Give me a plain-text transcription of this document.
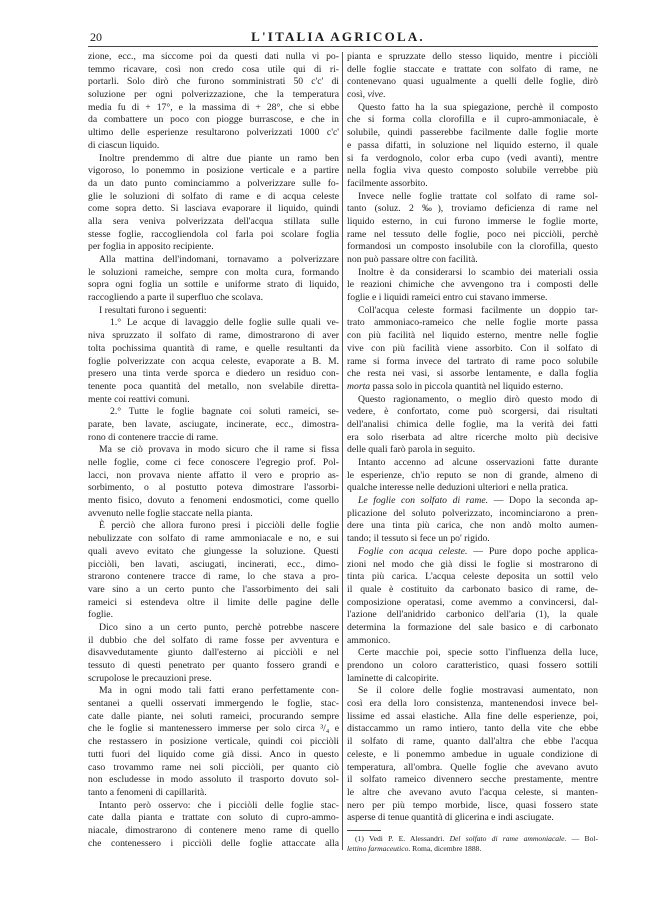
20	L'ITALIA AGRICOLA.
zione, ecc., ma siccome poi da questi dati nulla vi po-
temmo ricavare, così non credo cosa utile qui di ri-
portarli. Solo dirò che furono somministrati 50 c'c' di
soluzione per ogni polverizzazione, che la temperatura
media fu di + 17°, e la massima di + 28°, che si ebbe
da combattere un poco con piogge burrascose, e che in
ultimo delle esperienze resultarono polverizzati 1000 c'c'
di ciascun liquido.
Inoltre prendemmo di altre due piante un ramo ben
vigoroso, lo ponemmo in posizione verticale e a partire
da un dato punto cominciammo a polverizzare sulle fo-
glie le soluzioni di solfato di rame e di acqua celeste
come sopra detto. Si lasciava evaporare il liquido, quindi
alla sera veniva polverizzata dell'acqua stillata sulle
stesse foglie, raccogliendola col farla poi scolare foglia
per foglia in apposito recipiente.
Alla mattina dell'indomani, tornavamo a polverizzare
le soluzioni rameiche, sempre con molta cura, formando
sopra ogni foglia un sottile e uniforme strato di liquido,
raccogliendo a parte il superfluo che scolava.
I resultati furono i seguenti:
1.° Le acque di lavaggio delle foglie sulle quali ve-
niva spruzzato il solfato di rame, dimostrarono di aver
tolta pochissima quantità di rame, e quelle resultanti da
foglie polverizzate con acqua celeste, evaporate a B. M.
presero una tinta verde sporca e diedero un residuo con-
tenente poca quantità del metallo, non svelabile diretta-
mente coi reattivi comuni.
2.° Tutte le foglie bagnate coi soluti rameici, se-
parate, ben lavate, asciugate, incinerate, ecc., dimostra-
rono di contenere traccie di rame.
Ma se ciò provava in modo sicuro che il rame si fissa
nelle foglie, come ci fece conoscere l'egregio prof. Pol-
lacci, non provava niente affatto il vero e proprio as-
sorbimento, o al postutto poteva dimostrare l'assorbi-
mento fisico, dovuto a fenomeni endosmotici, come quello
avvenuto nelle foglie staccate nella pianta.
È perciò che allora furono presi i picciòli delle foglie
nebulizzate con solfato di rame ammoniacale e no, e sui
quali avevo evitato che giungesse la soluzione. Questi
picciòli, ben lavati, asciugati, incinerati, ecc., dimo-
strarono contenere tracce di rame, lo che stava a pro-
vare sino a un certo punto che l'assorbimento dei sali
rameici si estendeva oltre il limite delle pagine delle
foglie.
Dico sino a un certo punto, perchè potrebbe nascere
il dubbio che del solfato di rame fosse per avventura e
disavvedutamente giunto dall'esterno ai picciòli e nel
tessuto di questi penetrato per quanto fossero grandi e
scrupolose le precauzioni prese.
Ma in ogni modo tali fatti erano perfettamente con-
sentanei a quelli osservati immergendo le foglie, stac-
cate dalle piante, nei soluti rameici, procurando sempre
che le foglie si mantenessero immerse per solo circa ³/₄ e
che restassero in posizione verticale, quindi coi picciòli
tutti fuori del liquido come già dissi. Anco in questo
caso trovammo rame nei soli picciòli, per quanto ciò
non escludesse in modo assoluto il trasporto dovuto sol-
tanto a fenomeni di capillarità.
Intanto però osservo: che i picciòli delle foglie stac-
cate dalla pianta e trattate con soluto di cupro-ammo-
niacale, dimostrarono di contenere meno rame di quello
che contenessero i picciòli delle foglie attaccate alla
pianta e spruzzate dello stesso liquido, mentre i picciòli
delle foglie staccate e trattate con solfato di rame, ne
contenevano quasi ugualmente a quelli delle foglie, dirò
così, vive.
Questo fatto ha la sua spiegazione, perchè il composto
che si forma colla clorofilla e il cupro-ammoniacale, è
solubile, quindi passerebbe facilmente dalle foglie morte
e passa difatti, in soluzione nel liquido esterno, il quale
si fa verdognolo, color erba cupo (vedi avanti), mentre
nella foglia viva questo composto solubile verrebbe più
facilmente assorbito.
Invece nelle foglie trattate col solfato di rame sol-
tanto (soluz. 2 ‰), troviamo deficienza di rame nel
liquido esterno, in cui furono immerse le foglie morte,
rame nel tessuto delle foglie, poco nei picciòli, perchè
formandosi un composto insolubile con la clorofilla, questo
non può passare oltre con facilità.
Inoltre è da considerarsi lo scambio dei materiali ossia
le reazioni chimiche che avvengono tra i composti delle
foglie e i liquidi rameici entro cui stavano immerse.
Coll'acqua celeste formasi facilmente un doppio tar-
trato ammoniaco-rameico che nelle foglie morte passa
con più facilità nel liquido esterno, mentre nelle foglie
vive con più facilità viene assorbito. Con il solfato di
rame si forma invece del tartrato di rame poco solubile
che resta nei vasi, si assorbe lentamente, e dalla foglia
morta passa solo in piccola quantità nel liquido esterno.
Questo ragionamento, o meglio dirò questo modo di
vedere, è confortato, come può scorgersi, dai risultati
dell'analisi chimica delle foglie, ma la verità dei fatti
era solo riserbata ad altre ricerche molto più decisive
delle quali farò parola in seguito.
Intanto accenno ad alcune osservazioni fatte durante
le esperienze, ch'io reputo se non di grande, almeno di
qualche interesse nelle deduzioni ulteriori e nella pratica.
Le foglie con solfato di rame. — Dopo la seconda ap-
plicazione del soluto polverizzato, incominciarono a pren-
dere una tinta più carica, che non andò molto aumen-
tando; il tessuto si fece un po' rigido.
Foglie con acqua celeste. — Pure dopo poche applica-
zioni nel modo che già dissi le foglie si mostrarono di
tinta più carica. L'acqua celeste deposita un sottil velo
il quale è costituito da carbonato basico di rame, de-
composizione operatasi, come avemmo a convincersi, dal-
l'azione dell'anidrido carbonico dell'aria (1), la quale
determina la formazione del sale basico e di carbonato
ammonico.
Certe macchie poi, specie sotto l'influenza della luce,
prendono un coloro caratteristico, quasi fossero sottili
laminette di calcopirite.
Se il colore delle foglie mostravasi aumentato, non
così era della loro consistenza, mantenendosi invece bel-
lissime ed assai elastiche. Alla fine delle esperienze, poi,
distaccammo un ramo intiero, tanto della vite che ebbe
il solfato di rame, quanto dall'altra che ebbe l'acqua
celeste, e li ponemmo ambedue in uguale condizione di
temperatura, all'ombra. Quelle foglie che avevano avuto
il solfato rameico divennero secche prestamente, mentre
le altre che avevano avuto l'acqua celeste, si manten-
nero per più tempo morbide, lisce, quasi fossero state
asperse di tenue quantità di glicerina e indi asciugate.
(1) Vedi P. E. Alessandri. Del solfato di rame ammoniacale. — Bol-
lettino farmaceutico. Roma, dicembre 1888.
